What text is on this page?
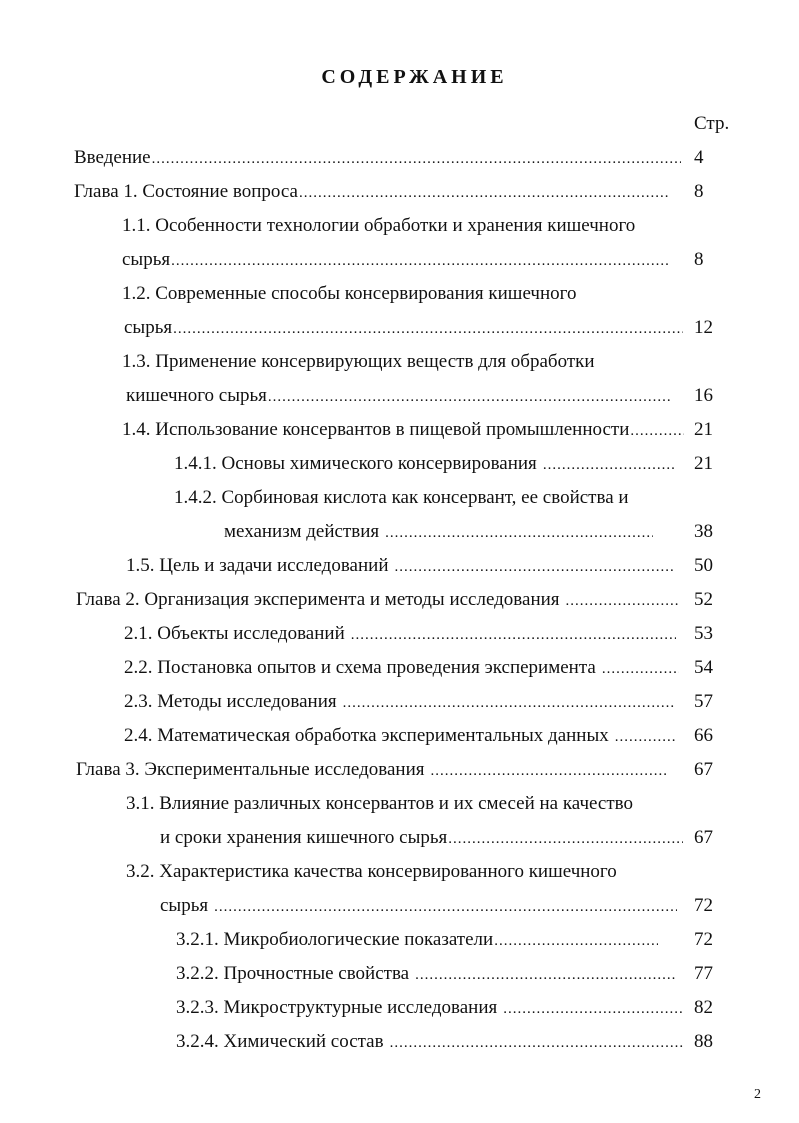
СОДЕРЖАНИЕ
Стр.
Введение .....	4
Глава 1. Состояние вопроса .....	8
1.1. Особенности технологии обработки и хранения кишечного
сырья .....	8
1.2. Современные способы консервирования кишечного
сырья .....	12
1.3. Применение консервирующих веществ для обработки
кишечного сырья .....	16
1.4. Использование консервантов в пищевой промышленности .....	21
1.4.1. Основы химического консервирования .....	21
1.4.2. Сорбиновая кислота как консервант, ее свойства и
механизм действия .....	38
1.5. Цель и задачи исследований .....	50
Глава 2. Организация эксперимента и методы исследования .....	52
2.1. Объекты исследований .....	53
2.2. Постановка опытов и схема проведения эксперимента .....	54
2.3. Методы исследования .....	57
2.4. Математическая обработка экспериментальных данных .....	66
Глава 3. Экспериментальные исследования .....	67
3.1. Влияние различных консервантов и их смесей на качество
и сроки хранения кишечного сырья .....	67
3.2. Характеристика качества консервированного кишечного
сырья .....	72
3.2.1. Микробиологические показатели .....	72
3.2.2. Прочностные свойства .....	77
3.2.3. Микроструктурные исследования .....	82
3.2.4. Химический состав .....	88
2
